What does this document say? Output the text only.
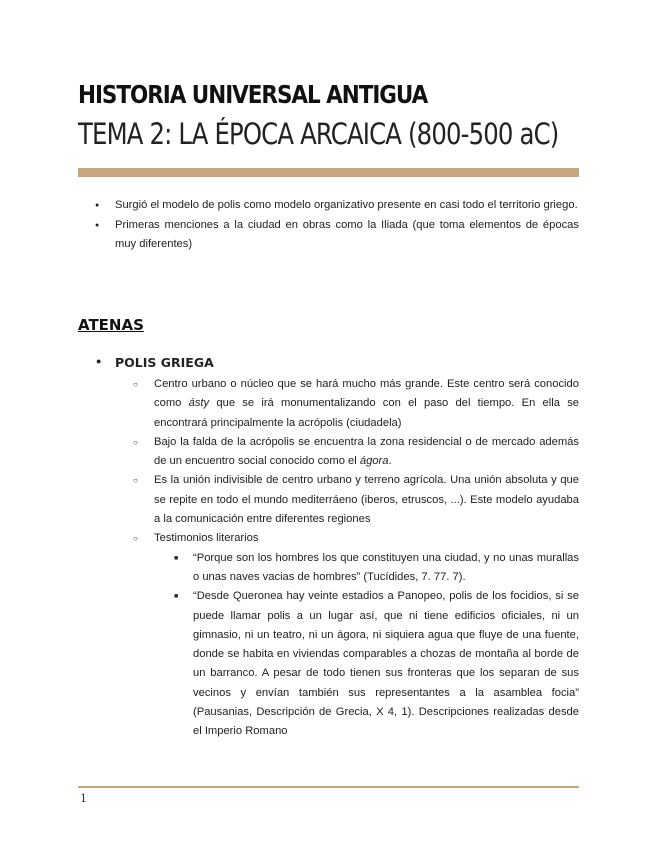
HISTORIA UNIVERSAL ANTIGUA
TEMA 2: LA ÉPOCA ARCAICA (800-500 aC)
● Surgió el modelo de polis como modelo organizativo presente en casi todo el territorio griego.
● Primeras menciones a la ciudad en obras como la Iliada (que toma elementos de épocas muy diferentes)
ATENAS
● POLIS GRIEGA
○ Centro urbano o núcleo que se hará mucho más grande. Este centro será conocido como ásty que se irá monumentalizando con el paso del tiempo. En ella se encontrará principalmente la acrópolis (ciudadela)
○ Bajo la falda de la acrópolis se encuentra la zona residencial o de mercado además de un encuentro social conocido como el ágora.
○ Es la unión indivisible de centro urbano y terreno agrícola. Una unión absoluta y que se repite en todo el mundo mediterráeno (iberos, etruscos, ...). Este modelo ayudaba a la comunicación entre diferentes regiones
○ Testimonios literarios
■ “Porque son los hombres los que constituyen una ciudad, y no unas murallas o unas naves vacias de hombres” (Tucídides, 7. 77. 7).
■ “Desde Queronea hay veinte estadios a Panopeo, polis de los focidios, si se puede llamar polis a un lugar así, que ni tiene edificios oficiales, ni un gimnasio, ni un teatro, ni un ágora, ni siquiera agua que fluye de una fuente, donde se habita en viviendas comparables a chozas de montaña al borde de un barranco. A pesar de todo tienen sus fronteras que los separan de sus vecinos y envían también sus representantes a la asamblea focia” (Pausanias, Descripción de Grecia, X 4, 1). Descripciones realizadas desde el Imperio Romano
1
